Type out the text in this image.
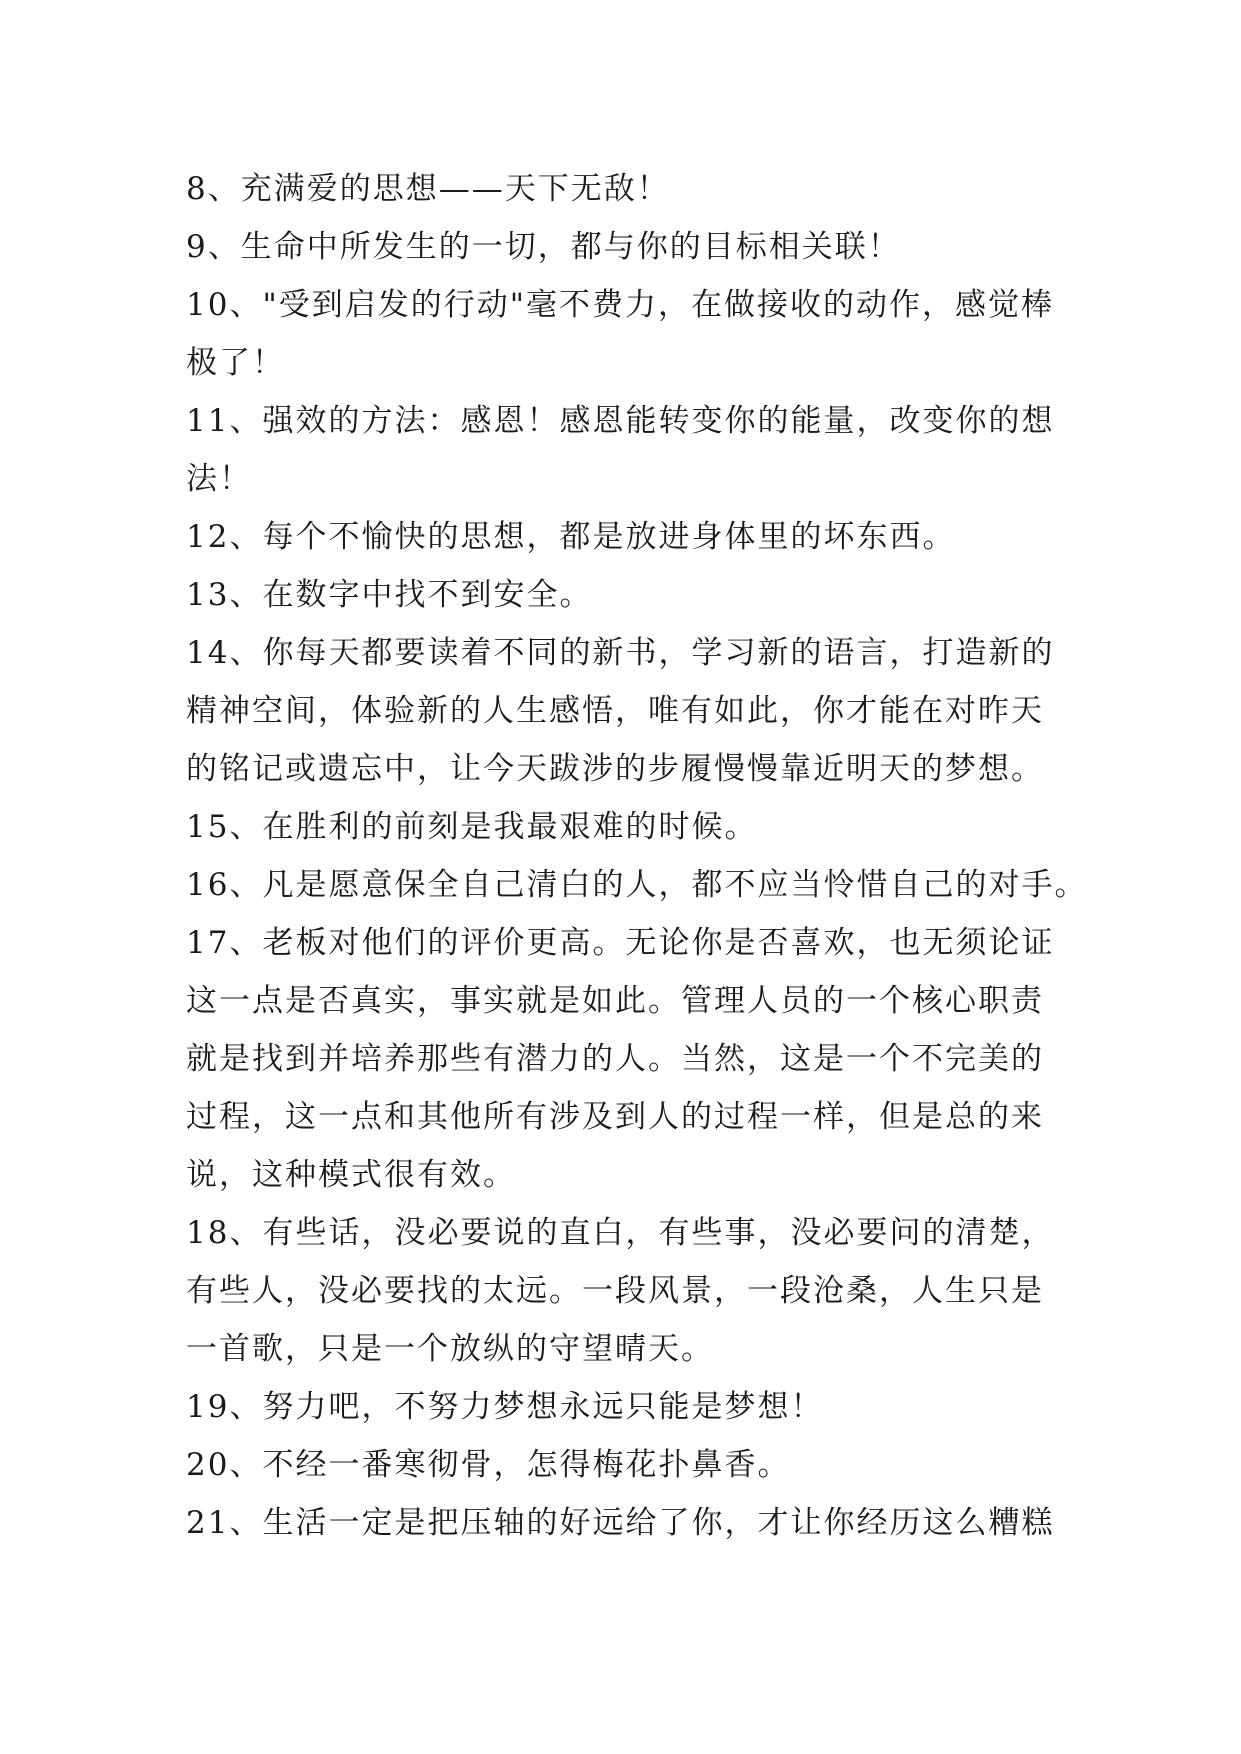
8、充满爱的思想——天下无敌！
9、生命中所发生的一切，都与你的目标相关联！
10、"受到启发的行动"毫不费力，在做接收的动作，感觉棒
极了！
11、强效的方法：感恩！感恩能转变你的能量，改变你的想
法！
12、每个不愉快的思想，都是放进身体里的坏东西。
13、在数字中找不到安全。
14、你每天都要读着不同的新书，学习新的语言，打造新的
精神空间，体验新的人生感悟，唯有如此，你才能在对昨天
的铭记或遗忘中，让今天跋涉的步履慢慢靠近明天的梦想。
15、在胜利的前刻是我最艰难的时候。
16、凡是愿意保全自己清白的人，都不应当怜惜自己的对手。
17、老板对他们的评价更高。无论你是否喜欢，也无须论证
这一点是否真实，事实就是如此。管理人员的一个核心职责
就是找到并培养那些有潜力的人。当然，这是一个不完美的
过程，这一点和其他所有涉及到人的过程一样，但是总的来
说，这种模式很有效。
18、有些话，没必要说的直白，有些事，没必要问的清楚，
有些人，没必要找的太远。一段风景，一段沧桑，人生只是
一首歌，只是一个放纵的守望晴天。
19、努力吧，不努力梦想永远只能是梦想！
20、不经一番寒彻骨，怎得梅花扑鼻香。
21、生活一定是把压轴的好远给了你，才让你经历这么糟糕
